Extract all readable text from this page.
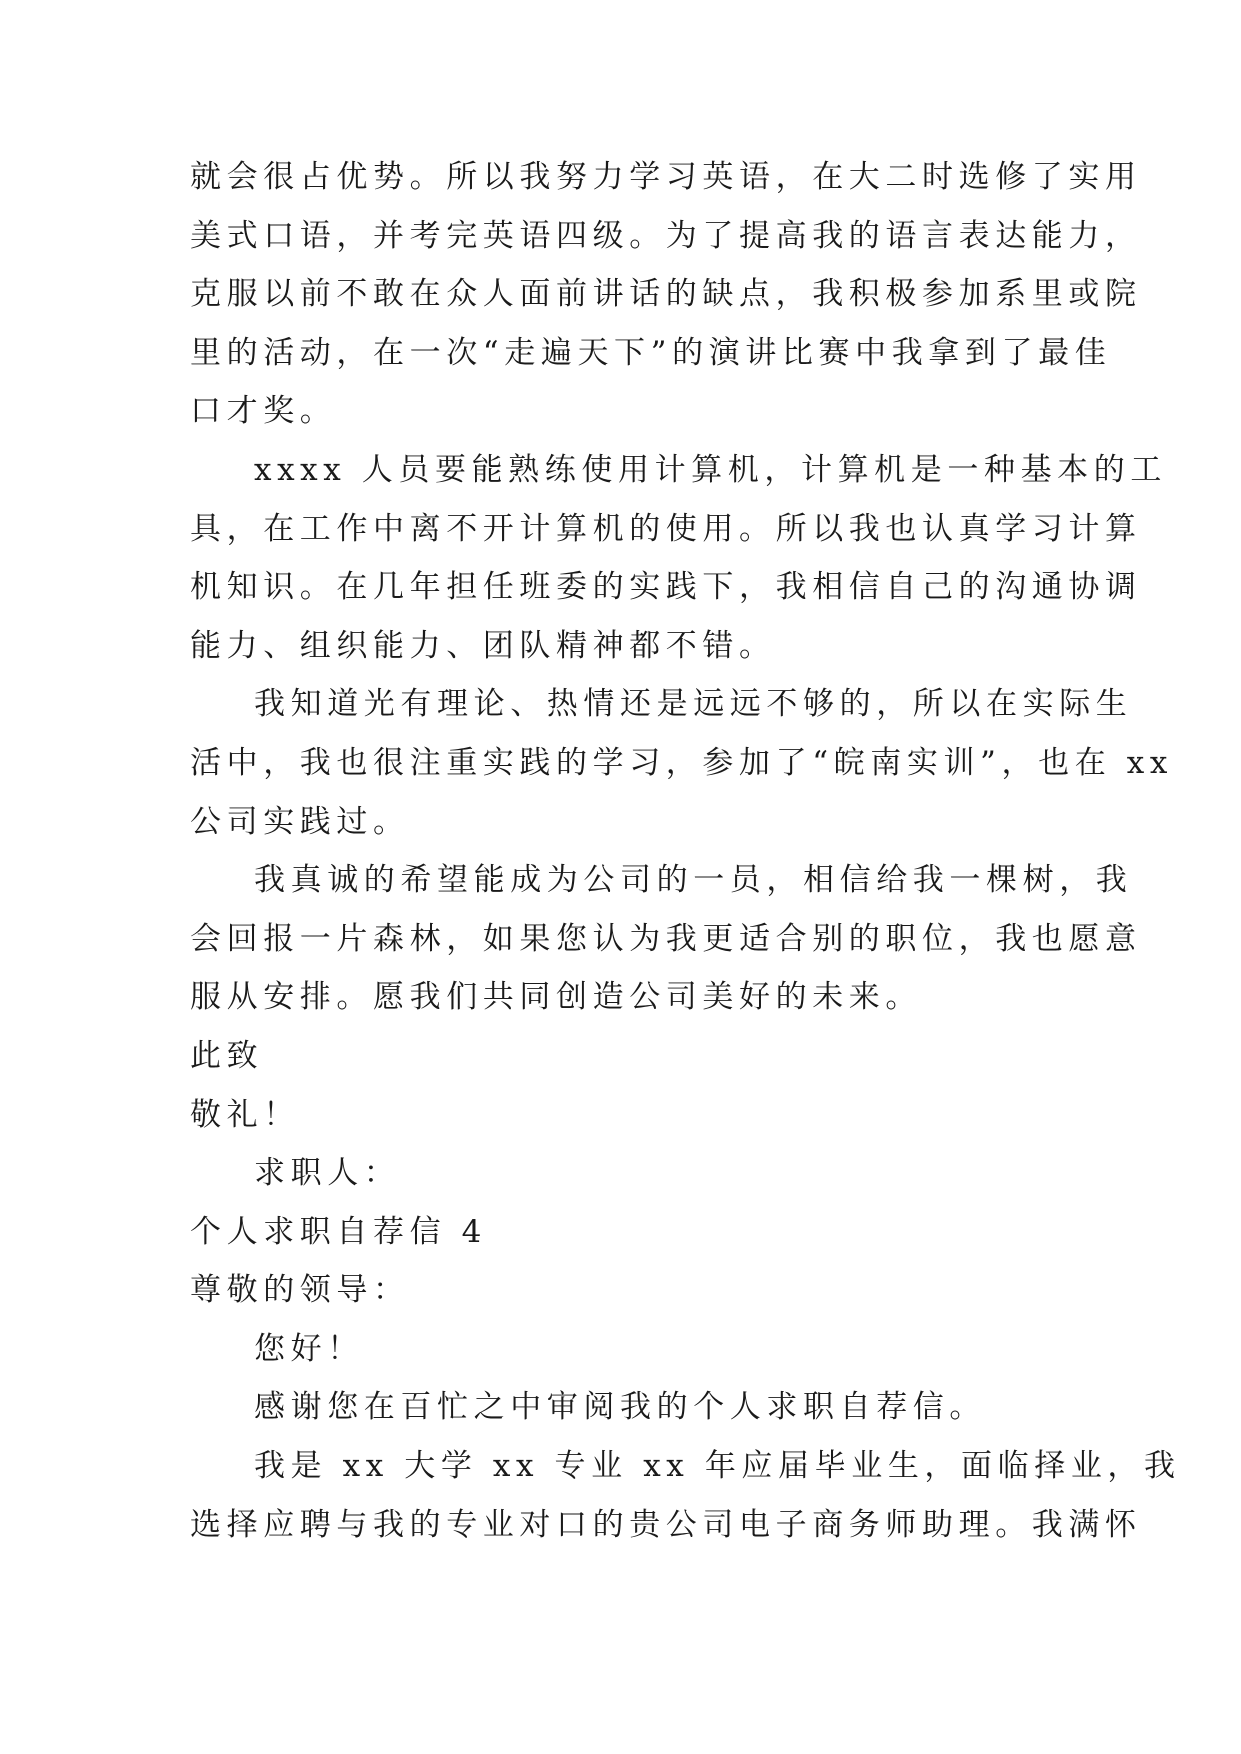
就会很占优势。所以我努力学习英语，在大二时选修了实用
美式口语，并考完英语四级。为了提高我的语言表达能力，
克服以前不敢在众人面前讲话的缺点，我积极参加系里或院
里的活动，在一次“走遍天下”的演讲比赛中我拿到了最佳
口才奖。
xxxx 人员要能熟练使用计算机，计算机是一种基本的工
具，在工作中离不开计算机的使用。所以我也认真学习计算
机知识。在几年担任班委的实践下，我相信自己的沟通协调
能力、组织能力、团队精神都不错。
我知道光有理论、热情还是远远不够的，所以在实际生
活中，我也很注重实践的学习，参加了“皖南实训”，也在 xx
公司实践过。
我真诚的希望能成为公司的一员，相信给我一棵树，我
会回报一片森林，如果您认为我更适合别的职位，我也愿意
服从安排。愿我们共同创造公司美好的未来。
此致
敬礼！
求职人：
个人求职自荐信 4
尊敬的领导：
您好！
感谢您在百忙之中审阅我的个人求职自荐信。
我是 xx 大学 xx 专业 xx 年应届毕业生，面临择业，我
选择应聘与我的专业对口的贵公司电子商务师助理。我满怀
